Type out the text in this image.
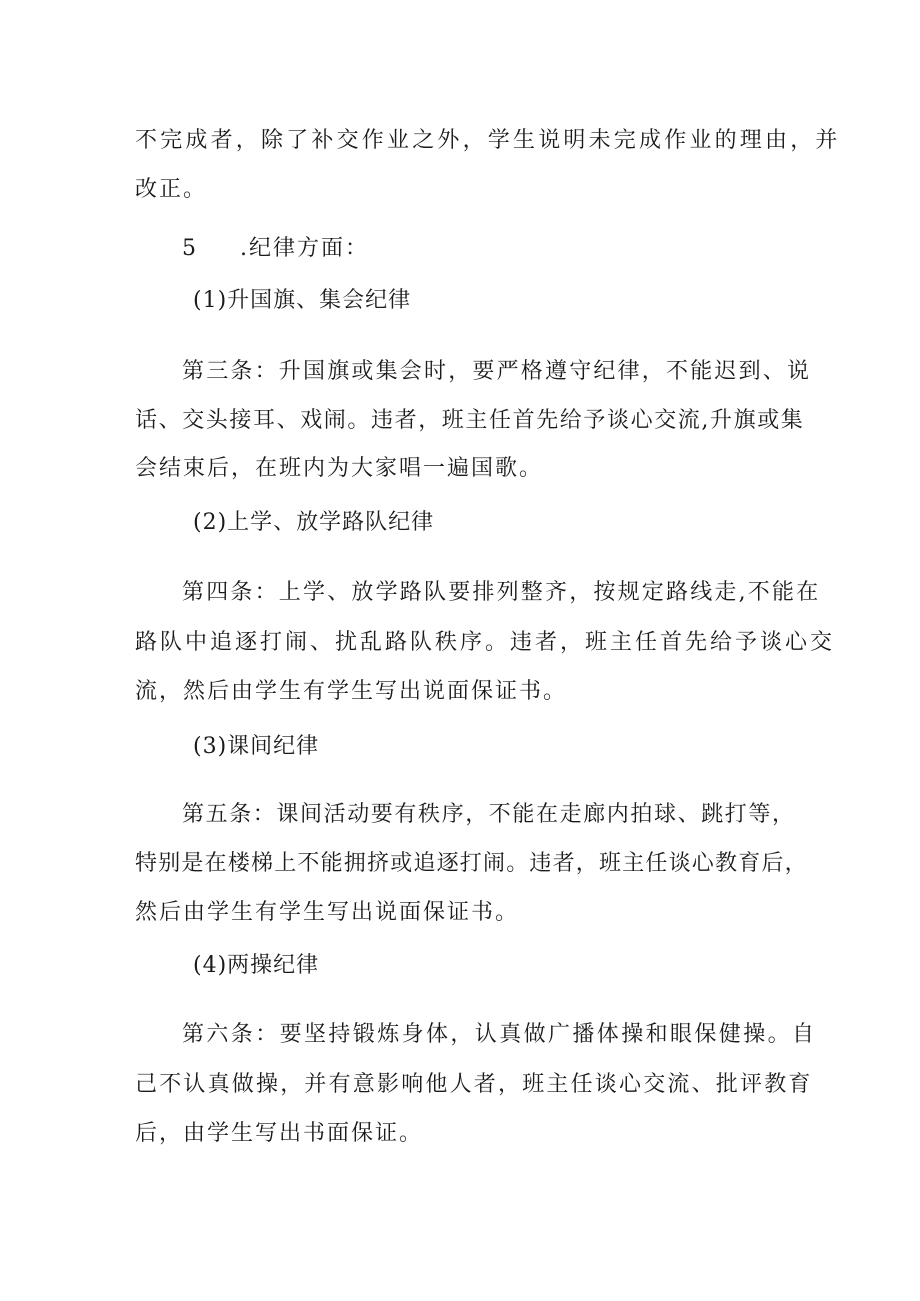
不完成者，除了补交作业之外，学生说明未完成作业的理由，并
改正。
5 .纪律方面：
(1)升国旗、集会纪律
第三条：升国旗或集会时，要严格遵守纪律，不能迟到、说
话、交头接耳、戏闹。违者，班主任首先给予谈心交流,升旗或集
会结束后，在班内为大家唱一遍国歌。
(2)上学、放学路队纪律
第四条：上学、放学路队要排列整齐，按规定路线走,不能在
路队中追逐打闹、扰乱路队秩序。违者，班主任首先给予谈心交
流，然后由学生有学生写出说面保证书。
(3)课间纪律
第五条：课间活动要有秩序，不能在走廊内拍球、跳打等，
特别是在楼梯上不能拥挤或追逐打闹。违者，班主任谈心教育后，
然后由学生有学生写出说面保证书。
(4)两操纪律
第六条：要坚持锻炼身体，认真做广播体操和眼保健操。自
己不认真做操，并有意影响他人者，班主任谈心交流、批评教育
后，由学生写出书面保证。
